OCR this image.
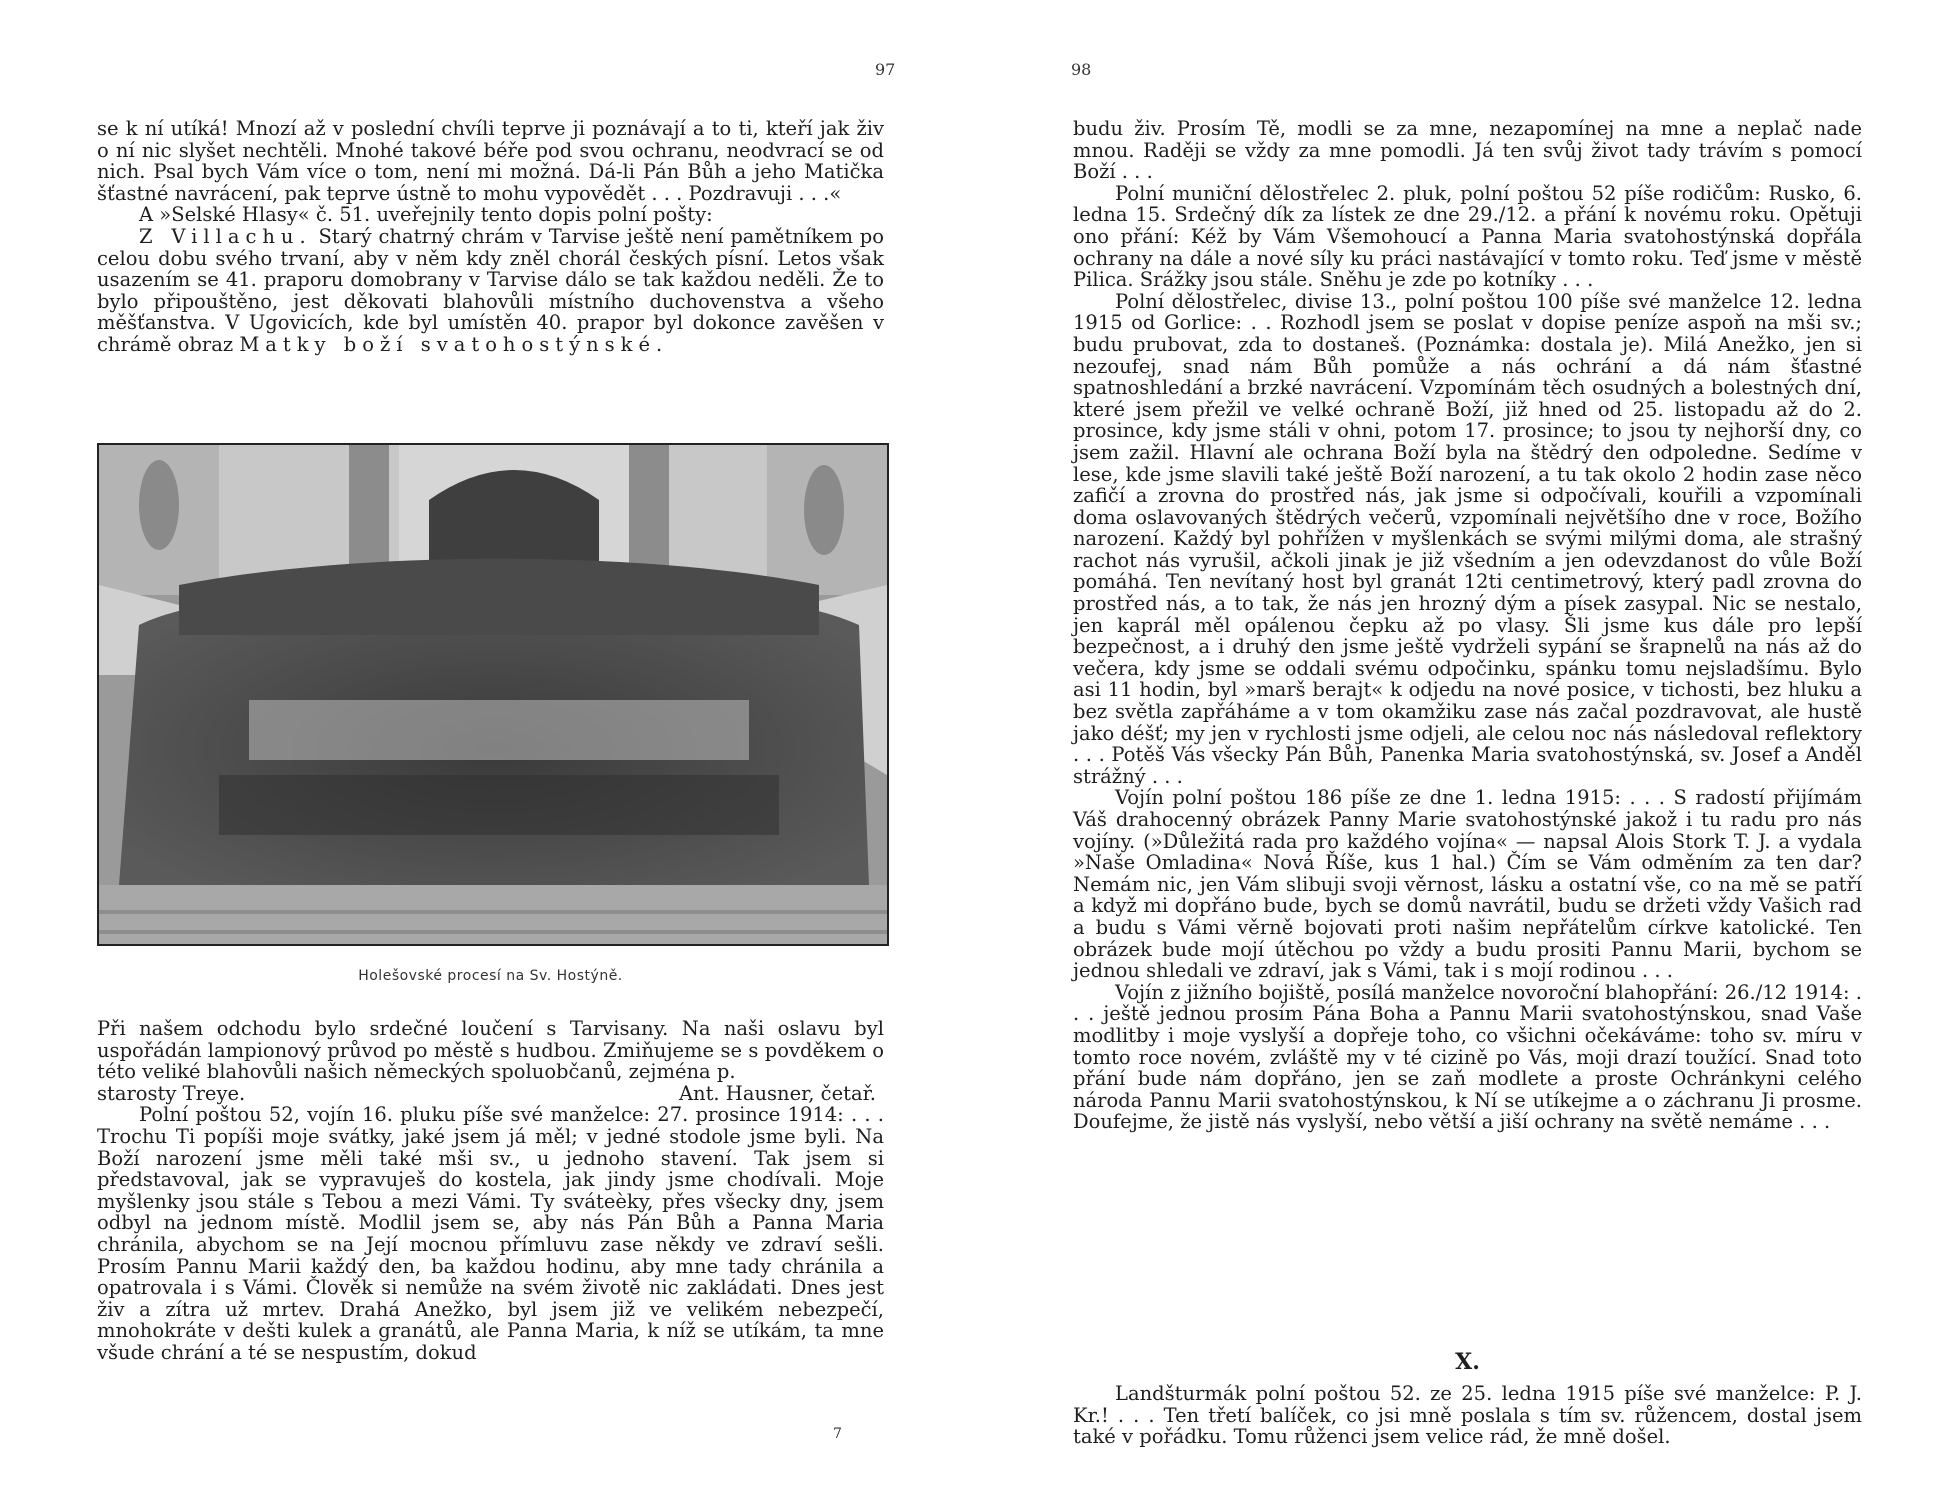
97

se k ní utíká! Mnozí až v poslední chvíli teprve ji poznávají a to ti, kteří jak živ o ní nic slyšet nechtěli. Mnohé takové béře pod svou ochranu, neodvrací se od nich. Psal bych Vám více o tom, není mi možná. Dá-li Pán Bůh a jeho Matička šťastné navrácení, pak teprve ústně to mohu vypovědět . . . Pozdravuji . . .«

A »Selské Hlasy« č. 51. uveřejnily tento dopis polní pošty:

Z Villachu. Starý chatrný chrám v Tarvise ještě není pamětníkem po celou dobu svého trvaní, aby v něm kdy zněl chorál českých písní. Letos však usazením se 41. praporu domobrany v Tarvise dálo se tak každou neděli. Že to bylo připouštěno, jest děkovati blahovůli místního duchovenstva a všeho měšťanstva. V Ugovicích, kde byl umístěn 40. prapor byl dokonce zavěšen v chrámě obraz Matky boží svatohostýnské.

Holešovské procesí na Sv. Hostýně.

Při našem odchodu bylo srdečné loučení s Tarvisany. Na naši oslavu byl uspořádán lampionový průvod po městě s hudbou. Zmiňujeme se s povděkem o této veliké blahovůli našich německých spoluobčanů, zejména p.

starosty Treye.	Ant. Hausner, četař.

Polní poštou 52, vojín 16. pluku píše své manželce: 27. prosince 1914: . . . Trochu Ti popíši moje svátky, jaké jsem já měl; v jedné stodole jsme byli. Na Boží narození jsme měli také mši sv., u jednoho stavení. Tak jsem si představoval, jak se vypravuješ do kostela, jak jindy jsme chodívali. Moje myšlenky jsou stále s Tebou a mezi Vámi. Ty sváteèky, přes všecky dny, jsem odbyl na jednom místě. Modlil jsem se, aby nás Pán Bůh a Panna Maria chránila, abychom se na Její mocnou přímluvu zase někdy ve zdraví sešli. Prosím Pannu Marii každý den, ba každou hodinu, aby mne tady chránila a opatrovala i s Vámi. Člověk si nemůže na svém životě nic zakládati. Dnes jest živ a zítra už mrtev. Drahá Anežko, byl jsem již ve velikém nebezpečí, mnohokráte v dešti kulek a granátů, ale Panna Maria, k níž se utíkám, ta mne všude chrání a té se nespustím, dokud

7
98

budu živ. Prosím Tě, modli se za mne, nezapomínej na mne a neplač nade mnou. Raději se vždy za mne pomodli. Já ten svůj život tady trávím s pomocí Boží . . .

Polní muniční dělostřelec 2. pluk, polní poštou 52 píše rodičům: Rusko, 6. ledna 15. Srdečný dík za lístek ze dne 29./12. a přání k novému roku. Opětuji ono přání: Kéž by Vám Všemohoucí a Panna Maria svatohostýnská dopřála ochrany na dále a nové síly ku práci nastávající v tomto roku. Teď jsme v městě Pilica. Srážky jsou stále. Sněhu je zde po kotníky . . .

Polní dělostřelec, divise 13., polní poštou 100 píše své manželce 12. ledna 1915 od Gorlice: . . Rozhodl jsem se poslat v dopise peníze aspoň na mši sv.; budu prubovat, zda to dostaneš. (Poznámka: dostala je). Milá Anežko, jen si nezoufej, snad nám Bůh pomůže a nás ochrání a dá nám šťastné spatnoshledání a brzké navrácení. Vzpomínám těch osudných a bolestných dní, které jsem přežil ve velké ochraně Boží, již hned od 25. listopadu až do 2. prosince, kdy jsme stáli v ohni, potom 17. prosince; to jsou ty nejhorší dny, co jsem zažil. Hlavní ale ochrana Boží byla na štědrý den odpoledne. Sedíme v lese, kde jsme slavili také ještě Boží narození, a tu tak okolo 2 hodin zase něco zafičí a zrovna do prostřed nás, jak jsme si odpočívali, kouřili a vzpomínali doma oslavovaných štědrých večerů, vzpomínali největšího dne v roce, Božího narození. Každý byl pohřížen v myšlenkách se svými milými doma, ale strašný rachot nás vyrušil, ačkoli jinak je již všedním a jen odevzdanost do vůle Boží pomáhá. Ten nevítaný host byl granát 12ti centimetrový, který padl zrovna do prostřed nás, a to tak, že nás jen hrozný dým a písek zasypal. Nic se nestalo, jen kaprál měl opálenou čepku až po vlasy. Šli jsme kus dále pro lepší bezpečnost, a i druhý den jsme ještě vydrželi sypání se šrapnelů na nás až do večera, kdy jsme se oddali svému odpočinku, spánku tomu nejsladšímu. Bylo asi 11 hodin, byl »marš berajt« k odjedu na nové posice, v tichosti, bez hluku a bez světla zapřáháme a v tom okamžiku zase nás začal pozdravovat, ale hustě jako déšť; my jen v rychlosti jsme odjeli, ale celou noc nás následoval reflektory . . . Potěš Vás všecky Pán Bůh, Panenka Maria svatohostýnská, sv. Josef a Anděl strážný . . .

Vojín polní poštou 186 píše ze dne 1. ledna 1915: . . . S radostí přijímám Váš drahocenný obrázek Panny Marie svatohostýnské jakož i tu radu pro nás vojíny. (»Důležitá rada pro každého vojína« — napsal Alois Stork T. J. a vydala »Naše Omladina« Nová Říše, kus 1 hal.) Čím se Vám odměním za ten dar? Nemám nic, jen Vám slibuji svoji věrnost, lásku a ostatní vše, co na mě se patří a když mi dopřáno bude, bych se domů navrátil, budu se držeti vždy Vašich rad a budu s Vámi věrně bojovati proti našim nepřátelům církve katolické. Ten obrázek bude mojí útěchou po vždy a budu prositi Pannu Marii, bychom se jednou shledali ve zdraví, jak s Vámi, tak i s mojí rodinou . . .

Vojín z jižního bojiště, posílá manželce novoroční blahopřání: 26./12 1914: . . . ještě jednou prosím Pána Boha a Pannu Marii svatohostýnskou, snad Vaše modlitby i moje vyslyší a dopřeje toho, co všichni očekáváme: toho sv. míru v tomto roce novém, zvláště my v té cizině po Vás, moji drazí toužící. Snad toto přání bude nám dopřáno, jen se zaň modlete a proste Ochránkyni celého národa Pannu Marii svatohostýnskou, k Ní se utíkejme a o záchranu Ji prosme. Doufejme, že jistě nás vyslyší, nebo větší a jiší ochrany na světě nemáme . . .

X.

Landšturmák polní poštou 52. ze 25. ledna 1915 píše své manželce: P. J. Kr.! . . . Ten třetí balíček, co jsi mně poslala s tím sv. růžencem, dostal jsem také v pořádku. Tomu růženci jsem velice rád, že mně došel.
